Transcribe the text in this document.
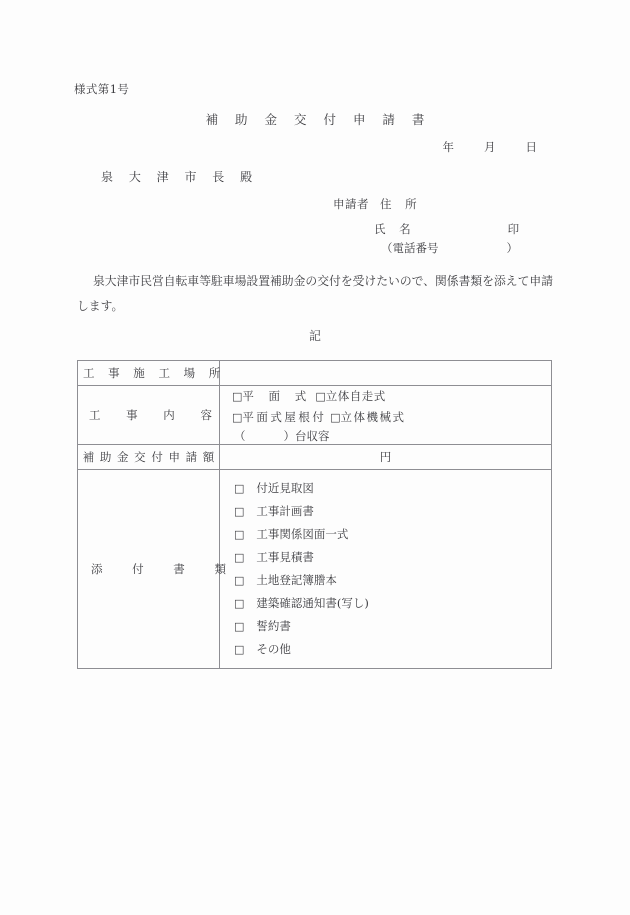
様式第1号
補 助 金 交 付 申 請 書
年	月	日
泉 大 津 市 長 殿
申請者 住 所
氏 名	印
（電話番号	）
泉大津市民営自転車等駐車場設置補助金の交付を受けたいので、関係書類を添えて申請します。
記
工 事 施 工 場 所	
工 事 内 容	□平 面 式 □立体自走式 □平面式屋根付 □立体機械式（ ）台収容
補 助 金 交 付 申 請 額	円
添 付 書 類	
□ 付近見取図
□ 工事計画書
□ 工事関係図面一式
□ 工事見積書
□ 土地登記簿謄本
□ 建築確認通知書(写し)
□ 誓約書
□ その他
